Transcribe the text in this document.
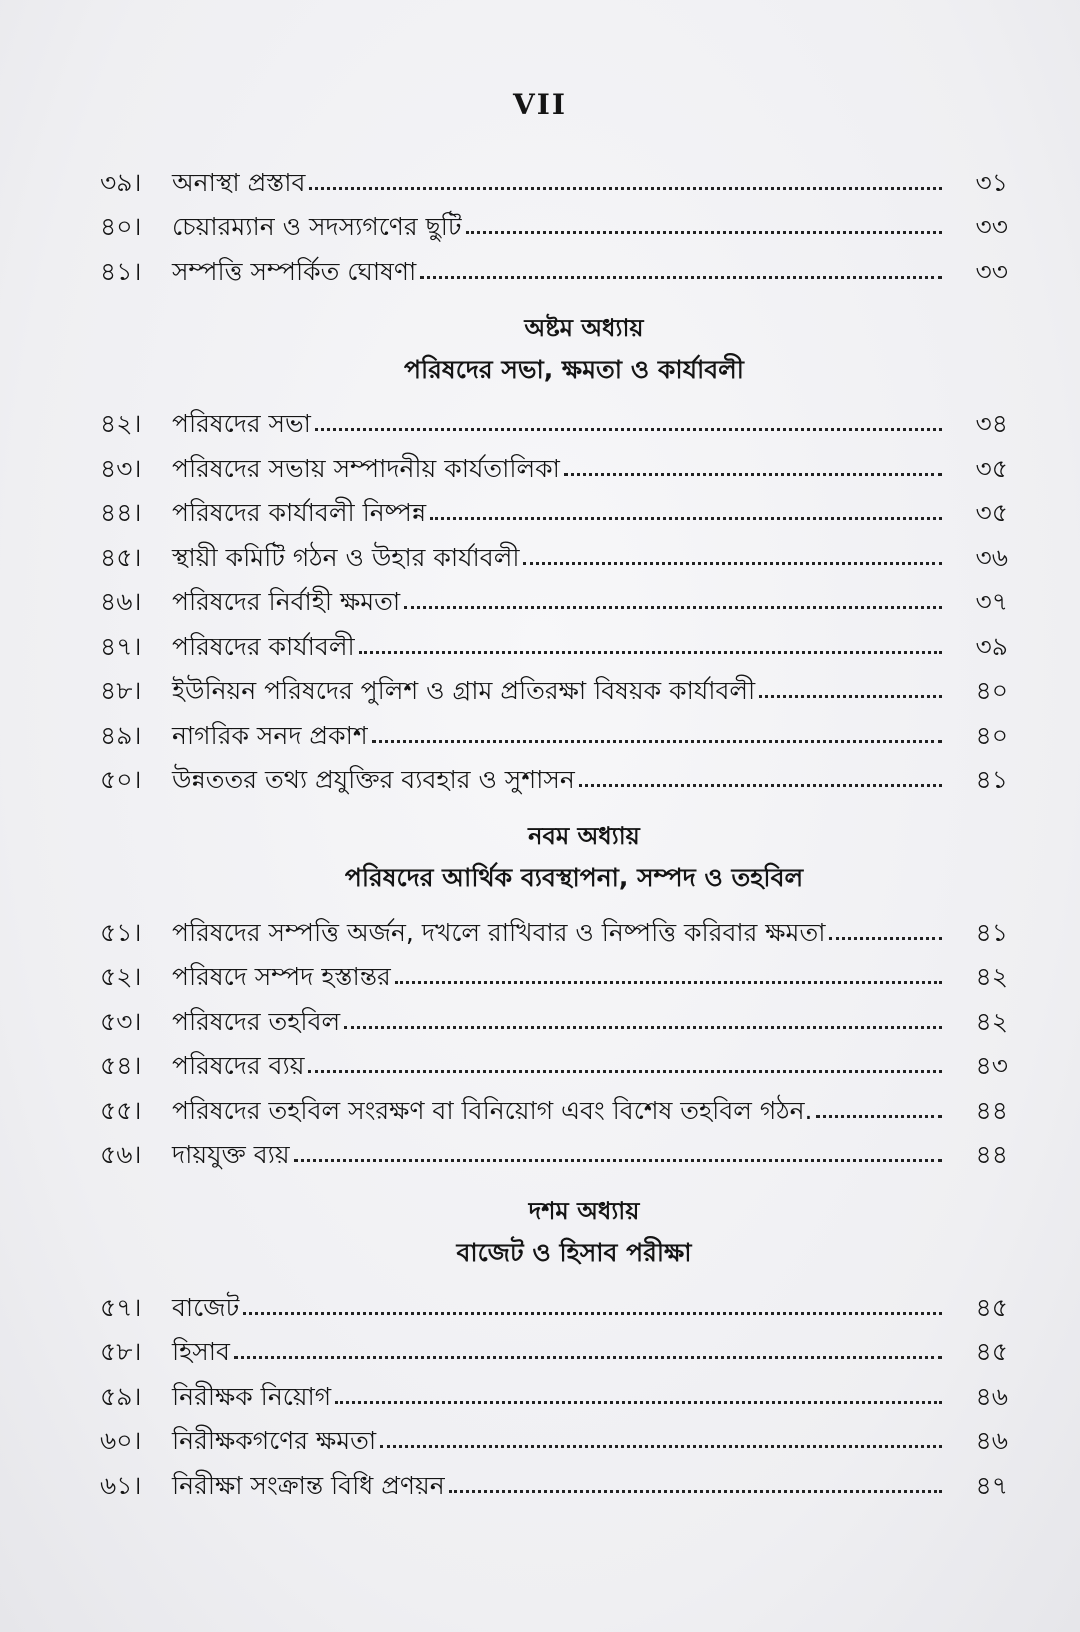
VII
৩৯।	অনাস্থা প্রস্তাব	৩১
৪০।	চেয়ারম্যান ও সদস্যগণের ছুটি	৩৩
৪১।	সম্পত্তি সম্পর্কিত ঘোষণা	৩৩
অষ্টম অধ্যায়
পরিষদের সভা, ক্ষমতা ও কার্যাবলী
৪২।	পরিষদের সভা	৩৪
৪৩।	পরিষদের সভায় সম্পাদনীয় কার্যতালিকা	৩৫
৪৪।	পরিষদের কার্যাবলী নিষ্পন্ন	৩৫
৪৫।	স্থায়ী কমিটি গঠন ও উহার কার্যাবলী	৩৬
৪৬।	পরিষদের নির্বাহী ক্ষমতা	৩৭
৪৭।	পরিষদের কার্যাবলী	৩৯
৪৮।	ইউনিয়ন পরিষদের পুলিশ ও গ্রাম প্রতিরক্ষা বিষয়ক কার্যাবলী	৪০
৪৯।	নাগরিক সনদ প্রকাশ	৪০
৫০।	উন্নততর তথ্য প্রযুক্তির ব্যবহার ও সুশাসন	৪১
নবম অধ্যায়
পরিষদের আর্থিক ব্যবস্থাপনা, সম্পদ ও তহবিল
৫১।	পরিষদের সম্পত্তি অর্জন, দখলে রাখিবার ও নিষ্পত্তি করিবার ক্ষমতা	৪১
৫২।	পরিষদে সম্পদ হস্তান্তর	৪২
৫৩।	পরিষদের তহবিল	৪২
৫৪।	পরিষদের ব্যয়	৪৩
৫৫।	পরিষদের তহবিল সংরক্ষণ বা বিনিয়োগ এবং বিশেষ তহবিল গঠন.	৪৪
৫৬।	দায়যুক্ত ব্যয়	৪৪
দশম অধ্যায়
বাজেট ও হিসাব পরীক্ষা
৫৭।	বাজেট	৪৫
৫৮।	হিসাব	৪৫
৫৯।	নিরীক্ষক নিয়োগ	৪৬
৬০।	নিরীক্ষকগণের ক্ষমতা	৪৬
৬১।	নিরীক্ষা সংক্রান্ত বিধি প্রণয়ন	৪৭
